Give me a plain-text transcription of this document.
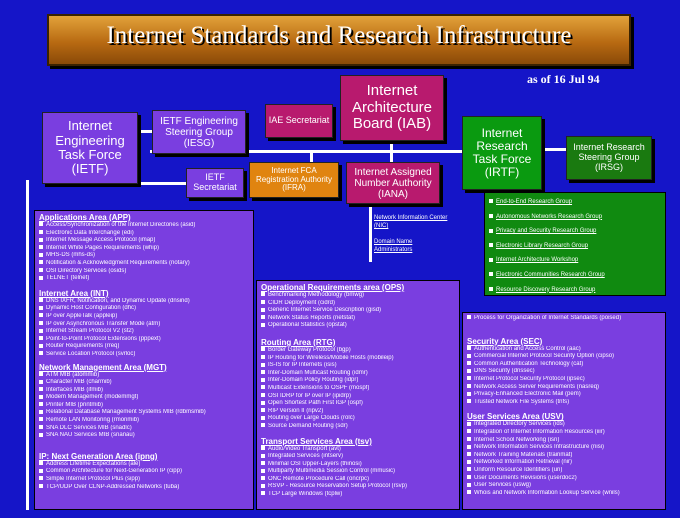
Internet Standards and Research Infrastructure
as of 16 Jul 94
IAE Secretariat
Internet Architecture Board (IAB)
IETF Engineering Steering Group (IESG)
Internet Engineering Task Force (IETF)
IETF Secretariat
Internet FCA Registration Authority (IFRA)
Internet Assigned Number Authority (IANA)
Internet Research Task Force (IRTF)
Internet Research Steering Group (IRSG)
Network Information Center (NIC)
Domain Name Administrators
End-to-End Research Group
Autonomous Networks Research Group
Privacy and Security Research Group
Electronic Library Research Group
Internet Architecture Workshop
Electronic Communities Research Group
Resource Discovery Research Group
Applications Area (APP)
Access/Synchronization of the Internet Directories (asid)
Electronic Data Interchange (edi)
Internet Message Access Protocol (imap)
Internet White Pages Requirements (whip)
MHS-DS (mhs-ds)
Notification & Acknowledgment Requirements (notary)
OSI Directory Services (osids)
TELNET (telnet)
Internet Area (INT)
DNS IXFR, Notification, and Dynamic Update (dnsind)
Dynamic Host Configuration (dhc)
IP over AppleTalk (appleip)
IP over Asynchronous Transfer Mode (atm)
Internet Stream Protocol V2 (st2)
Point-to-Point Protocol Extensions (pppext)
Router Requirements (rreq)
Service Location Protocol (svrloc)
Network Management Area (MGT)
ATM MIB (atommib)
Character MIB (charmib)
Interfaces MIB (ifmib)
Modem Management (modemmgt)
Printer MIB (printmib)
Relational Database Management Systems MIB (rdbmsmib)
Remote LAN Monitoring (rmonmib)
SNA DLC Services MIB (snadlc)
SNA NAU Services MIB (snanau)
IP: Next Generation Area (ipng)
Address Lifetime Expectations (ale)
Common Architecture for Next-Generation IP (cipp)
Simple Internet Protocol Plus (sipp)
TCP/UDP Over CLNP-Addressed Networks (tuba)
Operational Requirements area (OPS)
Benchmarking Methodology (bmwg)
CIDR Deployment (cidrd)
Generic Internet Service Description (gisd)
Network Status Reports (netstat)
Operational Statistics (opstat)
Routing Area (RTG)
Border Gateway Protocol (bgp)
IP Routing for Wireless/Mobile Hosts (mobileip)
IS-IS for IP Internets (isis)
Inter-Domain Multicast Routing (idmr)
Inter-Domain Policy Routing (idpr)
Multicast Extensions to OSPF (mospf)
OSI IDRP for IP over IP (ipidrp)
Open Shortest Path First IGP (ospf)
RIP Version II (ripv2)
Routing over Large Clouds (rolc)
Source Demand Routing (sdr)
Transport Services Area (tsv)
Audio/Video Transport (avt)
Integrated Services (intserv)
Minimal OSI Upper-Layers (thinosi)
Multiparty Multimedia Session Control (mmusic)
ONC Remote Procedure Call (oncrpc)
RSVP - Resource Reservation Setup Protocol (rsvp)
TCP Large Windows (tcplw)
Process for Organization of Internet Standards (poised)
Security Area (SEC)
Authentication and Access Control (aac)
Commercial Internet Protocol Security Option (cipso)
Common Authentication Technology (cat)
DNS Security (dnssec)
Internet Protocol Security Protocol (ipsec)
Network Access Server Requirements (nasreq)
Privacy-Enhanced Electronic Mail (pem)
Trusted Network File Systems (tnfs)
User Services Area (USV)
Integrated Directory Services (ids)
Integration of Internet Information Resources (iiir)
Internet School Networking (isn)
Network Information Services Infrastructure (nisi)
Network Training Materials (trainmat)
Networked Information Retrieval (nir)
Uniform Resource Identifiers (uri)
User Documents Revisions (userdoc2)
User Services (uswg)
Whois and Network Information Lookup Service (wnils)
